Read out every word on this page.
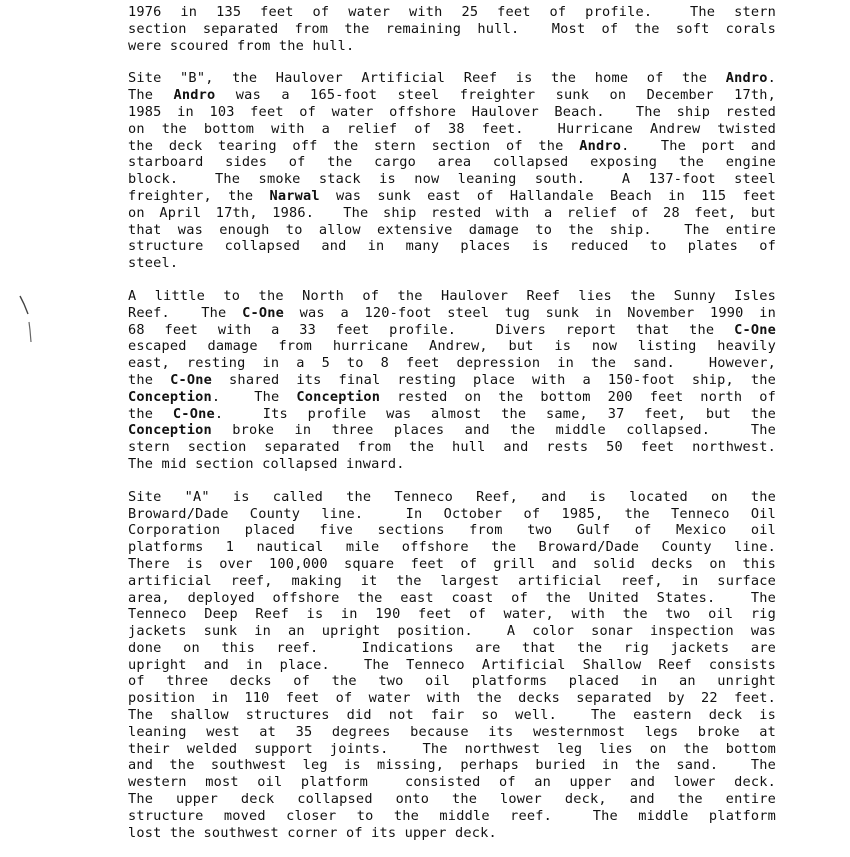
1976 in 135 feet of water with 25 feet of profile.  The stern
section separated from the remaining hull.  Most of the soft corals
were scoured from the hull.
Site "B", the Haulover Artificial Reef is the home of the Andro.
The Andro was a 165-foot steel freighter sunk on December 17th,
1985 in 103 feet of water offshore Haulover Beach.  The ship rested
on the bottom with a relief of 38 feet.  Hurricane Andrew twisted
the deck tearing off the stern section of the Andro.  The port and
starboard sides of the cargo area collapsed exposing the engine
block.  The smoke stack is now leaning south.  A 137-foot steel
freighter, the Narwal was sunk east of Hallandale Beach in 115 feet
on April 17th, 1986.  The ship rested with a relief of 28 feet, but
that was enough to allow extensive damage to the ship.  The entire
structure collapsed and in many places is reduced to plates of
steel.
A little to the North of the Haulover Reef lies the Sunny Isles
Reef.  The C-One was a 120-foot steel tug sunk in November 1990 in
68 feet with a 33 feet profile.  Divers report that the C-One
escaped damage from hurricane Andrew, but is now listing heavily
east, resting in a 5 to 8 feet depression in the sand.  However,
the C-One shared its final resting place with a 150-foot ship, the
Conception.  The Conception rested on the bottom 200 feet north of
the C-One.  Its profile was almost the same, 37 feet, but the
Conception broke in three places and the middle collapsed.  The
stern section separated from the hull and rests 50 feet northwest.
The mid section collapsed inward.
Site "A" is called the Tenneco Reef, and is located on the
Broward/Dade County line.  In October of 1985, the Tenneco Oil
Corporation placed five sections from two Gulf of Mexico oil
platforms 1 nautical mile offshore the Broward/Dade County line.
There is over 100,000 square feet of grill and solid decks on this
artificial reef, making it the largest artificial reef, in surface
area, deployed offshore the east coast of the United States.  The
Tenneco Deep Reef is in 190 feet of water, with the two oil rig
jackets sunk in an upright position.  A color sonar inspection was
done on this reef.  Indications are that the rig jackets are
upright and in place.  The Tenneco Artificial Shallow Reef consists
of three decks of the two oil platforms placed in an unright
position in 110 feet of water with the decks separated by 22 feet.
The shallow structures did not fair so well.  The eastern deck is
leaning west at 35 degrees because its westernmost legs broke at
their welded support joints.  The northwest leg lies on the bottom
and the southwest leg is missing, perhaps buried in the sand.  The
western most oil platform  consisted of an upper and lower deck.
The upper deck collapsed onto the lower deck, and the entire
structure moved closer to the middle reef.  The middle platform
lost the southwest corner of its upper deck.
